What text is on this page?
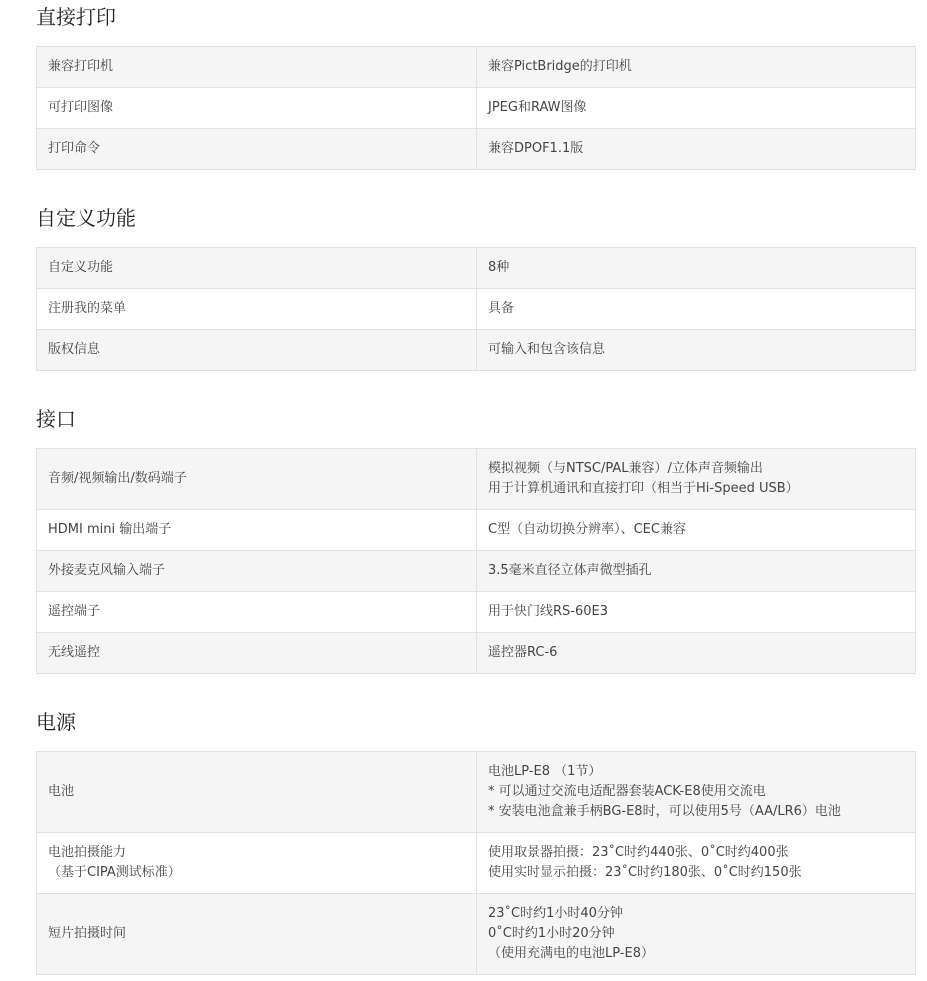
直接打印
兼容打印机	兼容PictBridge的打印机

可打印图像	JPEG和RAW图像

打印命令	兼容DPOF1.1版
自定义功能
自定义功能	8种

注册我的菜单	具备

版权信息	可输入和包含该信息
接口
音频/视频输出/数码端子	模拟视频（与NTSC/PAL兼容）/立体声音频输出
用于计算机通讯和直接打印（相当于Hi-Speed USB）

HDMI mini 输出端子	C型（自动切换分辨率）、CEC兼容

外接麦克风输入端子	3.5毫米直径立体声微型插孔

遥控端子	用于快门线RS-60E3

无线遥控	遥控器RC-6
电源
电池	电池LP-E8 （1节）
* 可以通过交流电适配器套装ACK-E8使用交流电
* 安装电池盒兼手柄BG-E8时，可以使用5号（AA/LR6）电池

电池拍摄能力
（基于CIPA测试标准）	使用取景器拍摄：23˚C时约440张、0˚C时约400张
使用实时显示拍摄：23˚C时约180张、0˚C时约150张

短片拍摄时间	23˚C时约1小时40分钟
0˚C时约1小时20分钟
（使用充满电的电池LP-E8）
